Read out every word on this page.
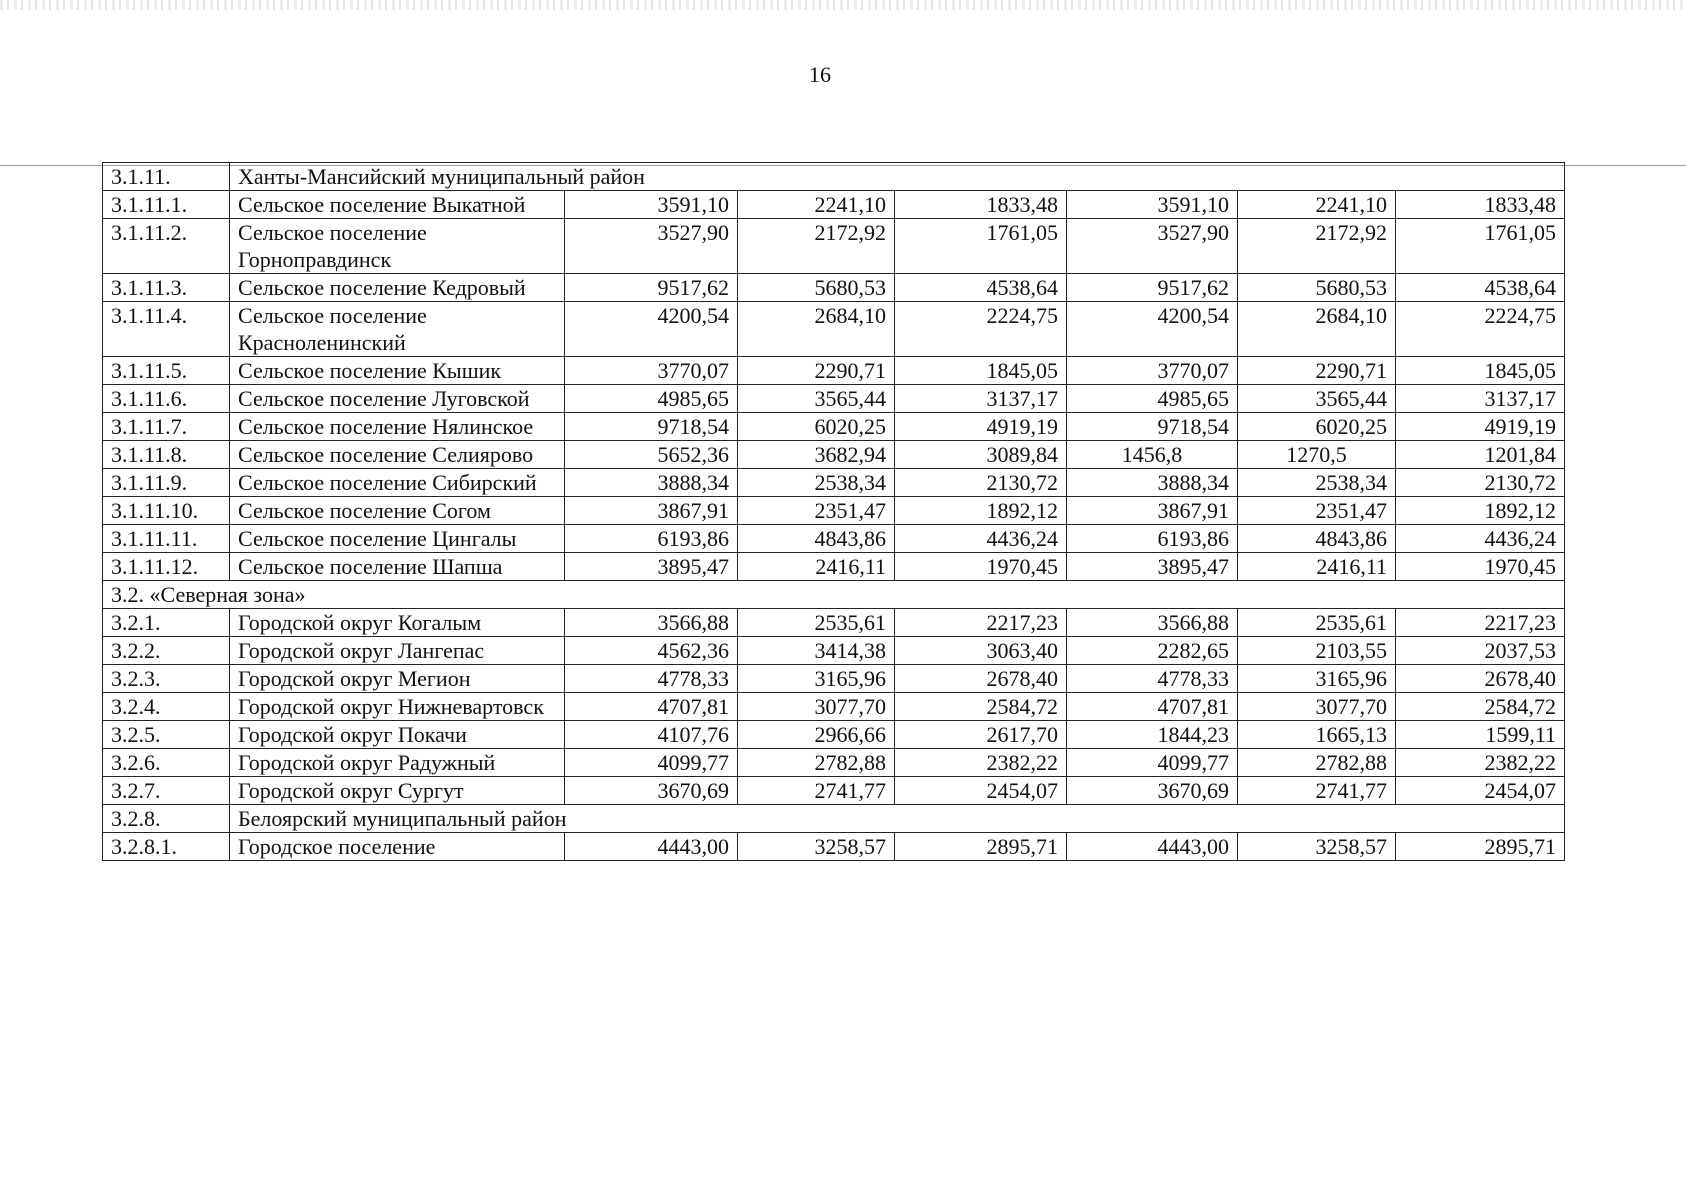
16
3.1.11.	Ханты-Мансийский муниципальный район						
3.1.11.1.	Сельское поселение Выкатной	3591,10	2241,10	1833,48	3591,10	2241,10	1833,48
3.1.11.2.	Сельское поселение Горноправдинск	3527,90	2172,92	1761,05	3527,90	2172,92	1761,05
3.1.11.3.	Сельское поселение Кедровый	9517,62	5680,53	4538,64	9517,62	5680,53	4538,64
3.1.11.4.	Сельское поселение Красноленинский	4200,54	2684,10	2224,75	4200,54	2684,10	2224,75
3.1.11.5.	Сельское поселение Кышик	3770,07	2290,71	1845,05	3770,07	2290,71	1845,05
3.1.11.6.	Сельское поселение Луговской	4985,65	3565,44	3137,17	4985,65	3565,44	3137,17
3.1.11.7.	Сельское поселение Нялинское	9718,54	6020,25	4919,19	9718,54	6020,25	4919,19
3.1.11.8.	Сельское поселение Селиярово	5652,36	3682,94	3089,84	1456,8	1270,5	1201,84
3.1.11.9.	Сельское поселение Сибирский	3888,34	2538,34	2130,72	3888,34	2538,34	2130,72
3.1.11.10.	Сельское поселение Согом	3867,91	2351,47	1892,12	3867,91	2351,47	1892,12
3.1.11.11.	Сельское поселение Цингалы	6193,86	4843,86	4436,24	6193,86	4843,86	4436,24
3.1.11.12.	Сельское поселение Шапша	3895,47	2416,11	1970,45	3895,47	2416,11	1970,45
3.2. «Северная зона»							
3.2.1.	Городской округ Когалым	3566,88	2535,61	2217,23	3566,88	2535,61	2217,23
3.2.2.	Городской округ Лангепас	4562,36	3414,38	3063,40	2282,65	2103,55	2037,53
3.2.3.	Городской округ Мегион	4778,33	3165,96	2678,40	4778,33	3165,96	2678,40
3.2.4.	Городской округ Нижневартовск	4707,81	3077,70	2584,72	4707,81	3077,70	2584,72
3.2.5.	Городской округ Покачи	4107,76	2966,66	2617,70	1844,23	1665,13	1599,11
3.2.6.	Городской округ Радужный	4099,77	2782,88	2382,22	4099,77	2782,88	2382,22
3.2.7.	Городской округ Сургут	3670,69	2741,77	2454,07	3670,69	2741,77	2454,07
3.2.8.	Белоярский муниципальный район						
3.2.8.1.	Городское поселение	4443,00	3258,57	2895,71	4443,00	3258,57	2895,71
